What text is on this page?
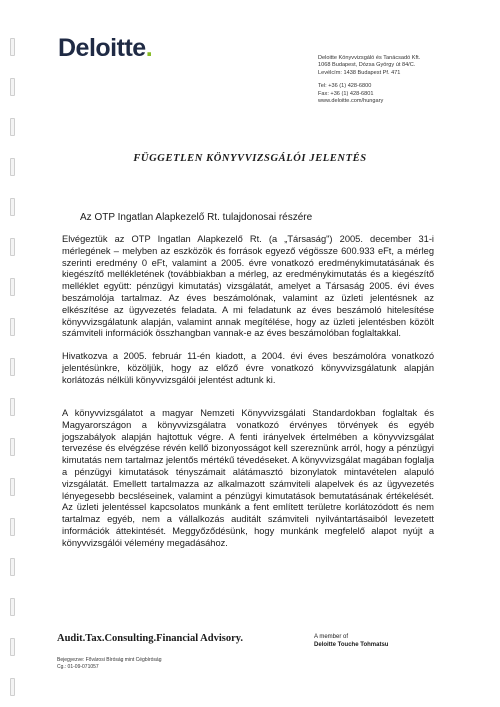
Deloitte.	Deloitte Könyvvizsgáló és Tanácsadó Kft.
1068 Budapest, Dózsa György út 84/C.
Levélcím: 1438 Budapest Pf. 471
Tel: +36 (1) 428-6800
Fax: +36 (1) 428-6801
www.deloitte.com/hungary
FÜGGETLEN KÖNYVVIZSGÁLÓI JELENTÉS
Az OTP Ingatlan Alapkezelő Rt. tulajdonosai részére
Elvégeztük az OTP Ingatlan Alapkezelő Rt. (a „Társaság") 2005. december 31-i mérlegének – melyben az eszközök és források egyező végössze 600.933 eFt, a mérleg szerinti eredmény 0 eFt, valamint a 2005. évre vonatkozó eredménykimutatásának és kiegészítő mellékletének (továbbiakban a mérleg, az eredménykimutatás és a kiegészítő melléklet együtt: pénzügyi kimutatás) vizsgálatát, amelyet a Társaság 2005. évi éves beszámolója tartalmaz. Az éves beszámolónak, valamint az üzleti jelentésnek az elkészítése az ügyvezetés feladata. A mi feladatunk az éves beszámoló hitelesítése könyvvizsgálatunk alapján, valamint annak megítélése, hogy az üzleti jelentésben közölt számviteli információk összhangban vannak-e az éves beszámolóban foglaltakkal.
Hivatkozva a 2005. február 11-én kiadott, a 2004. évi éves beszámolóra vonatkozó jelentésünkre, közöljük, hogy az előző évre vonatkozó könyvvizsgálatunk alapján korlátozás nélküli könyvvizsgálói jelentést adtunk ki.
A könyvvizsgálatot a magyar Nemzeti Könyvvizsgálati Standardokban foglaltak és Magyarországon a könyvvizsgálatra vonatkozó érvényes törvények és egyéb jogszabályok alapján hajtottuk végre. A fenti irányelvek értelmében a könyvvizsgálat tervezése és elvégzése révén kellő bizonyosságot kell szereznünk arról, hogy a pénzügyi kimutatás nem tartalmaz jelentős mértékű tévedéseket. A könyvvizsgálat magában foglalja a pénzügyi kimutatások tényszámait alátámasztó bizonylatok mintavételen alapuló vizsgálatát. Emellett tartalmazza az alkalmazott számviteli alapelvek és az ügyvezetés lényegesebb becsléseinek, valamint a pénzügyi kimutatások bemutatásának értékelését. Az üzleti jelentéssel kapcsolatos munkánk a fent említett területre korlátozódott és nem tartalmaz egyéb, nem a vállalkozás auditált számviteli nyilvántartásaiból levezetett információk áttekintését. Meggyőződésünk, hogy munkánk megfelelő alapot nyújt a könyvvizsgálói vélemény megadásához.
Audit.Tax.Consulting.Financial Advisory.
Bejegyezve: Fővárosi Bíróság mint Cégbíróság
Cg.: 01-09-071057
A member of
Deloitte Touche Tohmatsu
